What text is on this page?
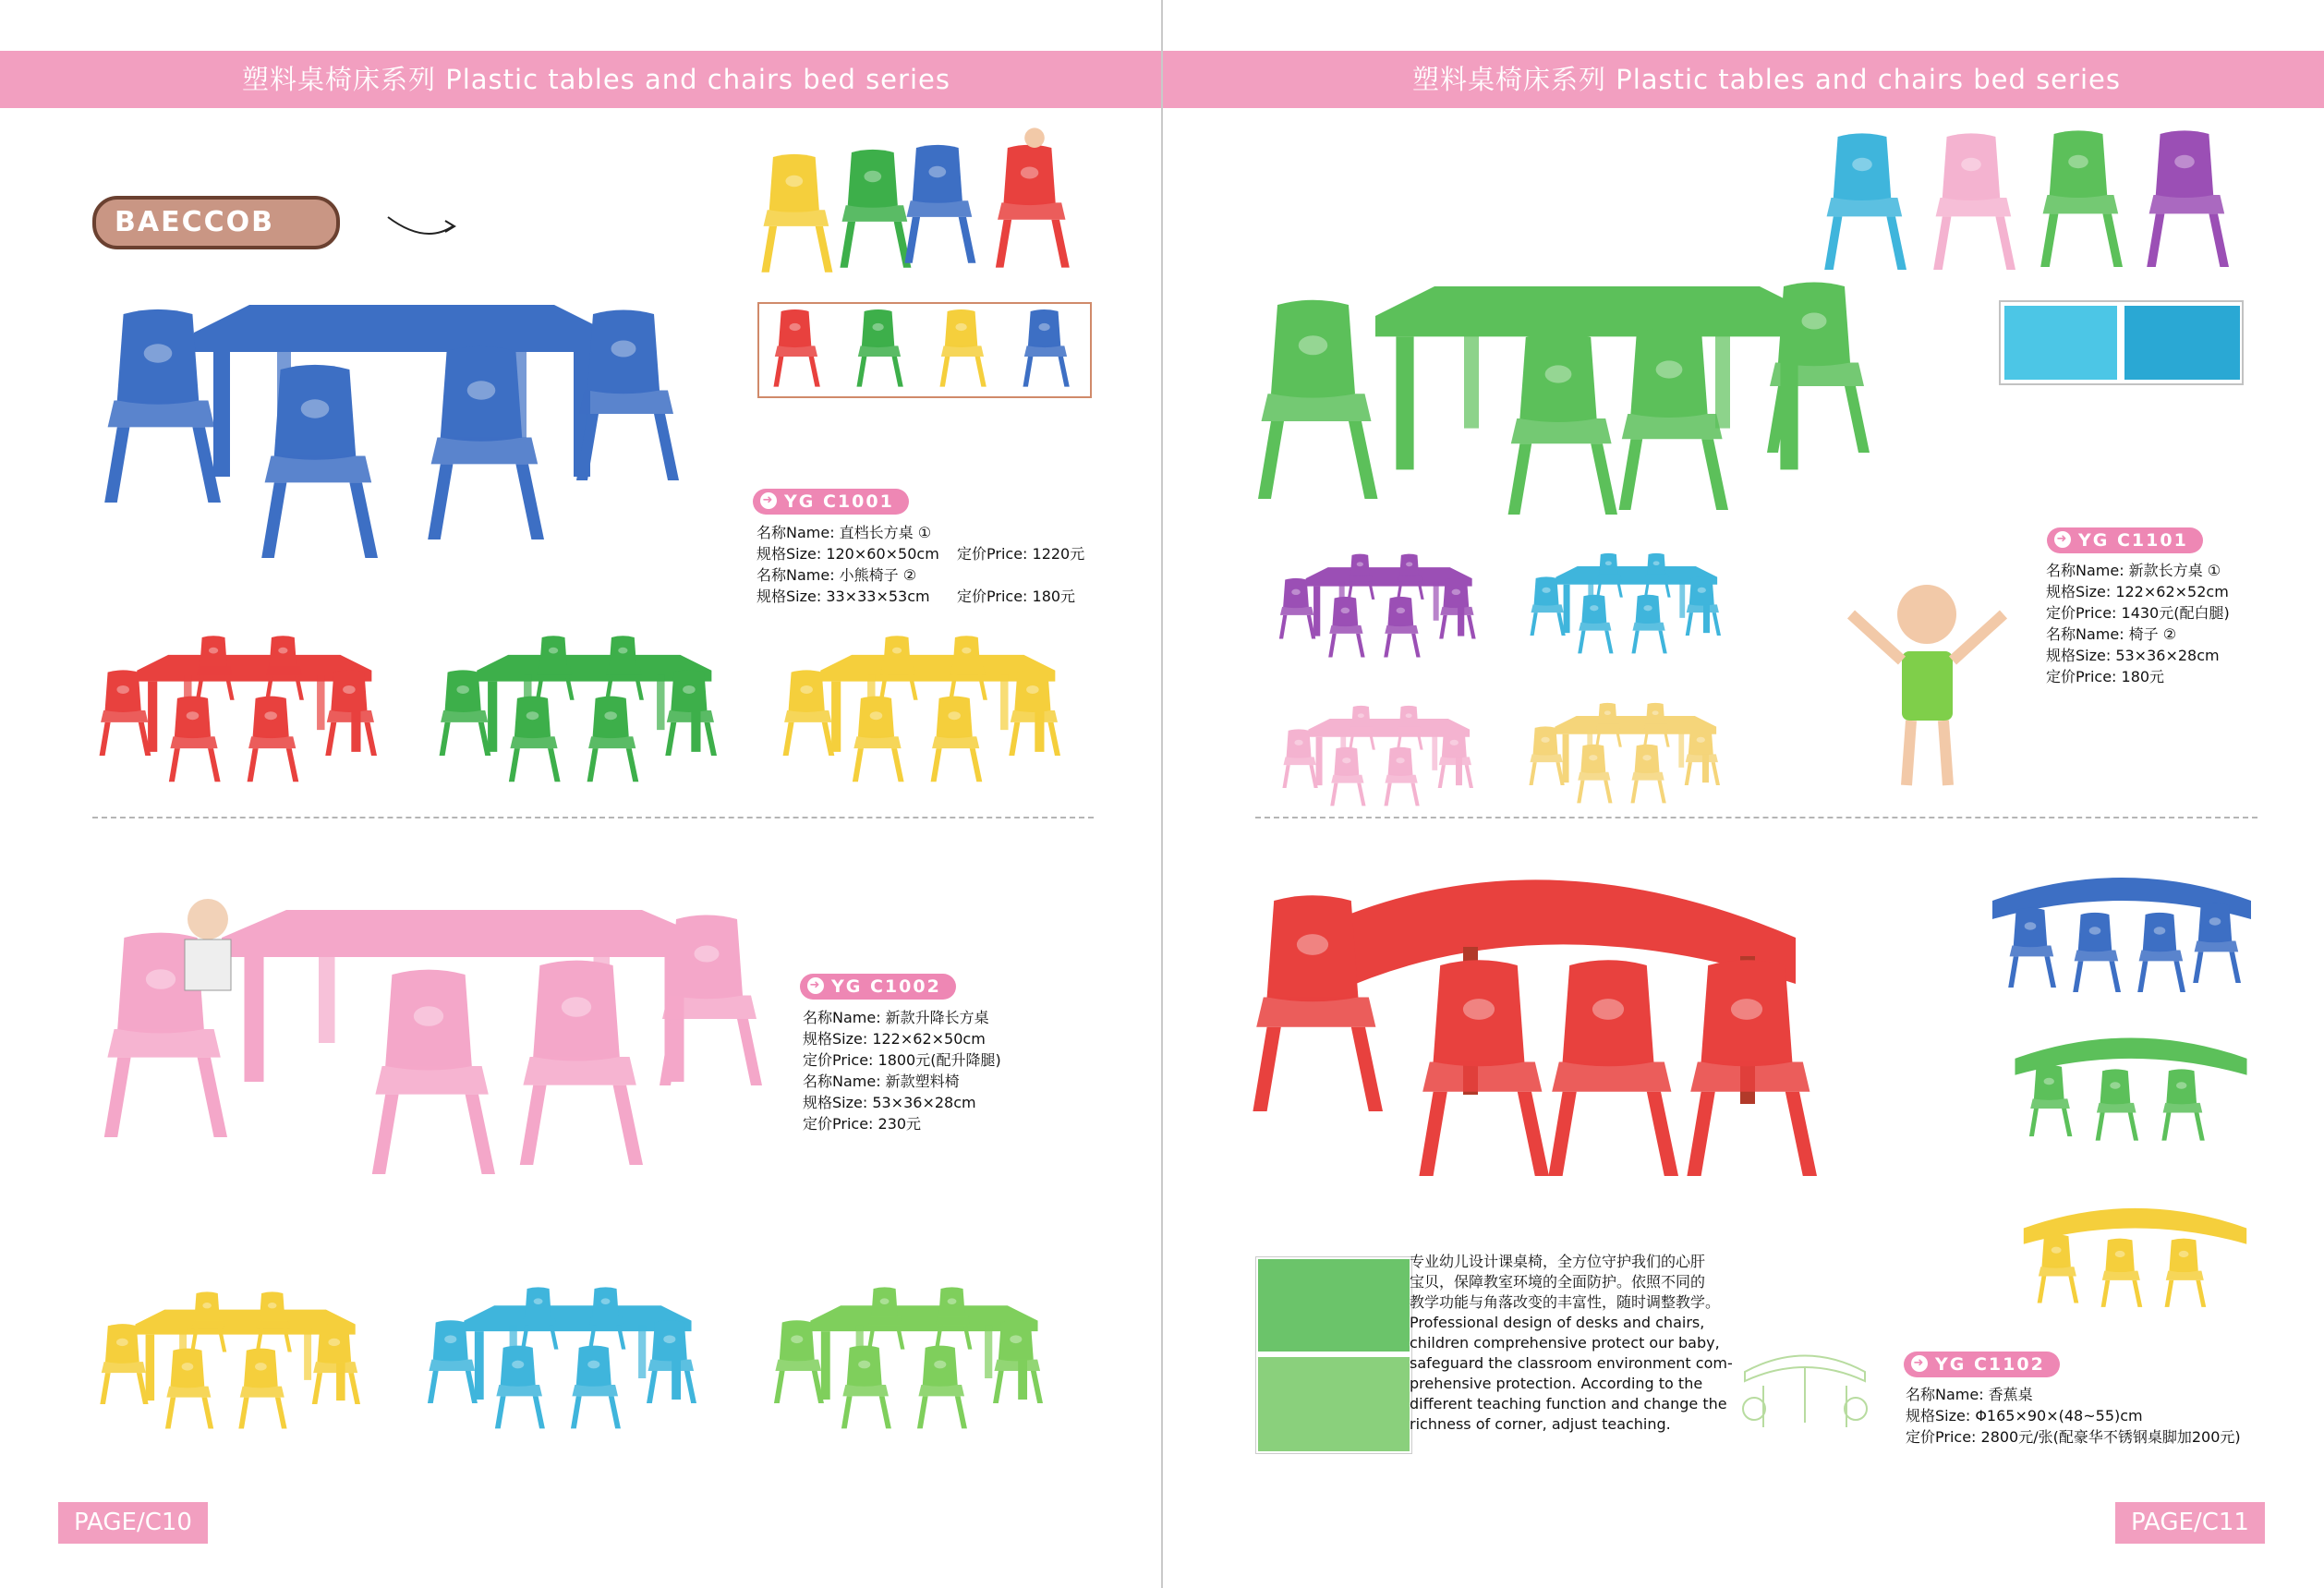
塑料桌椅床系列 Plastic tables and chairs bed series
BAECCOB
➜ YG C1001
名称Name: 直档长方桌 ①
规格Size: 120×60×50cm 定价Price: 1220元
名称Name: 小熊椅子 ②
规格Size: 33×33×53cm 定价Price: 180元
➜ YG C1002
名称Name: 新款升降长方桌
规格Size: 122×62×50cm
定价Price: 1800元(配升降腿)
名称Name: 新款塑料椅
规格Size: 53×36×28cm
定价Price: 230元
PAGE/C10
塑料桌椅床系列 Plastic tables and chairs bed series
➜ YG C1101
名称Name: 新款长方桌 ①
规格Size: 122×62×52cm
定价Price: 1430元(配白腿)
名称Name: 椅子 ②
规格Size: 53×36×28cm
定价Price: 180元
专业幼儿设计课桌椅，全方位守护我们的心肝
宝贝，保障教室环境的全面防护。依照不同的
教学功能与角落改变的丰富性，随时调整教学。
Professional design of desks and chairs,
children comprehensive protect our baby,
safeguard the classroom environment com-
prehensive protection. According to the
different teaching function and change the
richness of corner, adjust teaching.
➜ YG C1102
名称Name: 香蕉桌
规格Size: Φ165×90×(48~55)cm
定价Price: 2800元/张(配豪华不锈钢桌脚加200元)
PAGE/C11
